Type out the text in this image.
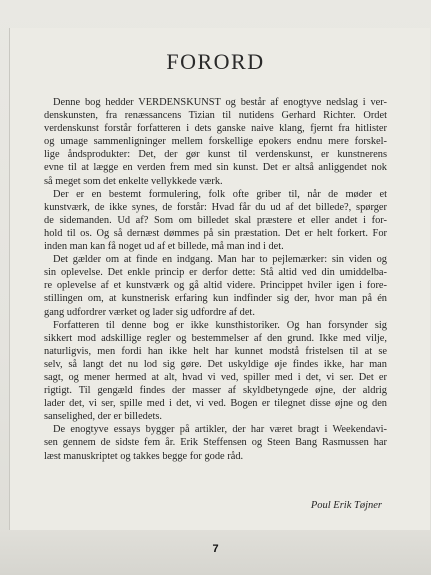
FORORD
Denne bog hedder VERDENSKUNST og består af enogtyve nedslag i ver-
denskunsten, fra renæssancens Tizian til nutidens Gerhard Richter. Ordet
verdenskunst forstår forfatteren i dets ganske naive klang, fjernt fra hitlister
og umage sammenligninger mellem forskellige epokers endnu mere forskel-
lige åndsprodukter: Det, der gør kunst til verdenskunst, er kunstnerens
evne til at lægge en verden frem med sin kunst. Det er altså anliggendet nok
så meget som det enkelte vellykkede værk.
Der er en bestemt formulering, folk ofte griber til, når de møder et
kunstværk, de ikke synes, de forstår: Hvad får du ud af det billede?, spørger
de sidemanden. Ud af? Som om billedet skal præstere et eller andet i for-
hold til os. Og så dernæst dømmes på sin præstation. Det er helt forkert. For
inden man kan få noget ud af et billede, må man ind i det.
Det gælder om at finde en indgang. Man har to pejlemærker: sin viden og
sin oplevelse. Det enkle princip er derfor dette: Stå altid ved din umiddelba-
re oplevelse af et kunstværk og gå altid videre. Princippet hviler igen i fore-
stillingen om, at kunstnerisk erfaring kun indfinder sig der, hvor man på én
gang udfordrer værket og lader sig udfordre af det.
Forfatteren til denne bog er ikke kunsthistoriker. Og han forsynder sig
sikkert mod adskillige regler og bestemmelser af den grund. Ikke med vilje,
naturligvis, men fordi han ikke helt har kunnet modstå fristelsen til at se
selv, så langt det nu lod sig gøre. Det uskyldige øje findes ikke, har man
sagt, og mener hermed at alt, hvad vi ved, spiller med i det, vi ser. Det er
rigtigt. Til gengæld findes der masser af skyldbetyngede øjne, der aldrig
lader det, vi ser, spille med i det, vi ved. Bogen er tilegnet disse øjne og den
sanselighed, der er billedets.
De enogtyve essays bygger på artikler, der har været bragt i Weekendavi-
sen gennem de sidste fem år. Erik Steffensen og Steen Bang Rasmussen har
læst manuskriptet og takkes begge for gode råd.
Poul Erik Tøjner
7
